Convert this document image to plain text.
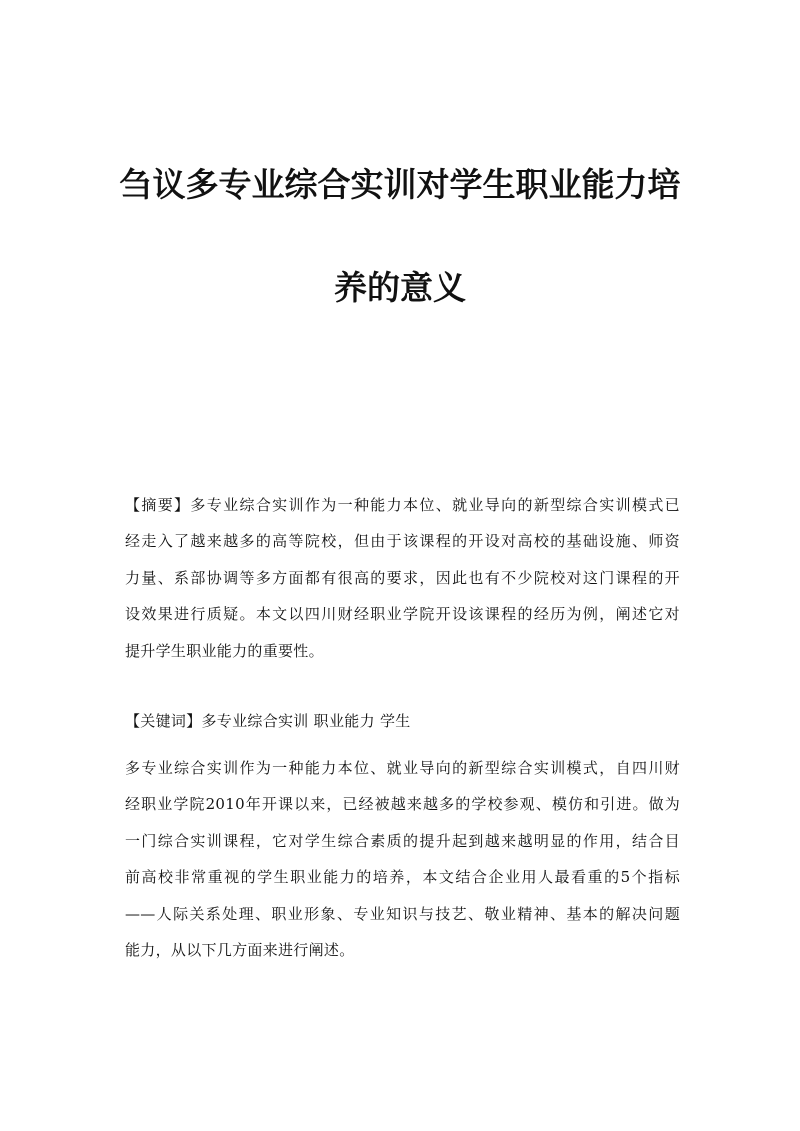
刍议多专业综合实训对学生职业能力培
养的意义
【摘要】多专业综合实训作为一种能力本位、就业导向的新型综合实训模式已
经走入了越来越多的高等院校，但由于该课程的开设对高校的基础设施、师资
力量、系部协调等多方面都有很高的要求，因此也有不少院校对这门课程的开
设效果进行质疑。本文以四川财经职业学院开设该课程的经历为例，阐述它对
提升学生职业能力的重要性。
【关键词】多专业综合实训 职业能力 学生
多专业综合实训作为一种能力本位、就业导向的新型综合实训模式，自四川财
经职业学院2010年开课以来，已经被越来越多的学校参观、模仿和引进。做为
一门综合实训课程，它对学生综合素质的提升起到越来越明显的作用，结合目
前高校非常重视的学生职业能力的培养，本文结合企业用人最看重的5个指标
——人际关系处理、职业形象、专业知识与技艺、敬业精神、基本的解决问题
能力，从以下几方面来进行阐述。
